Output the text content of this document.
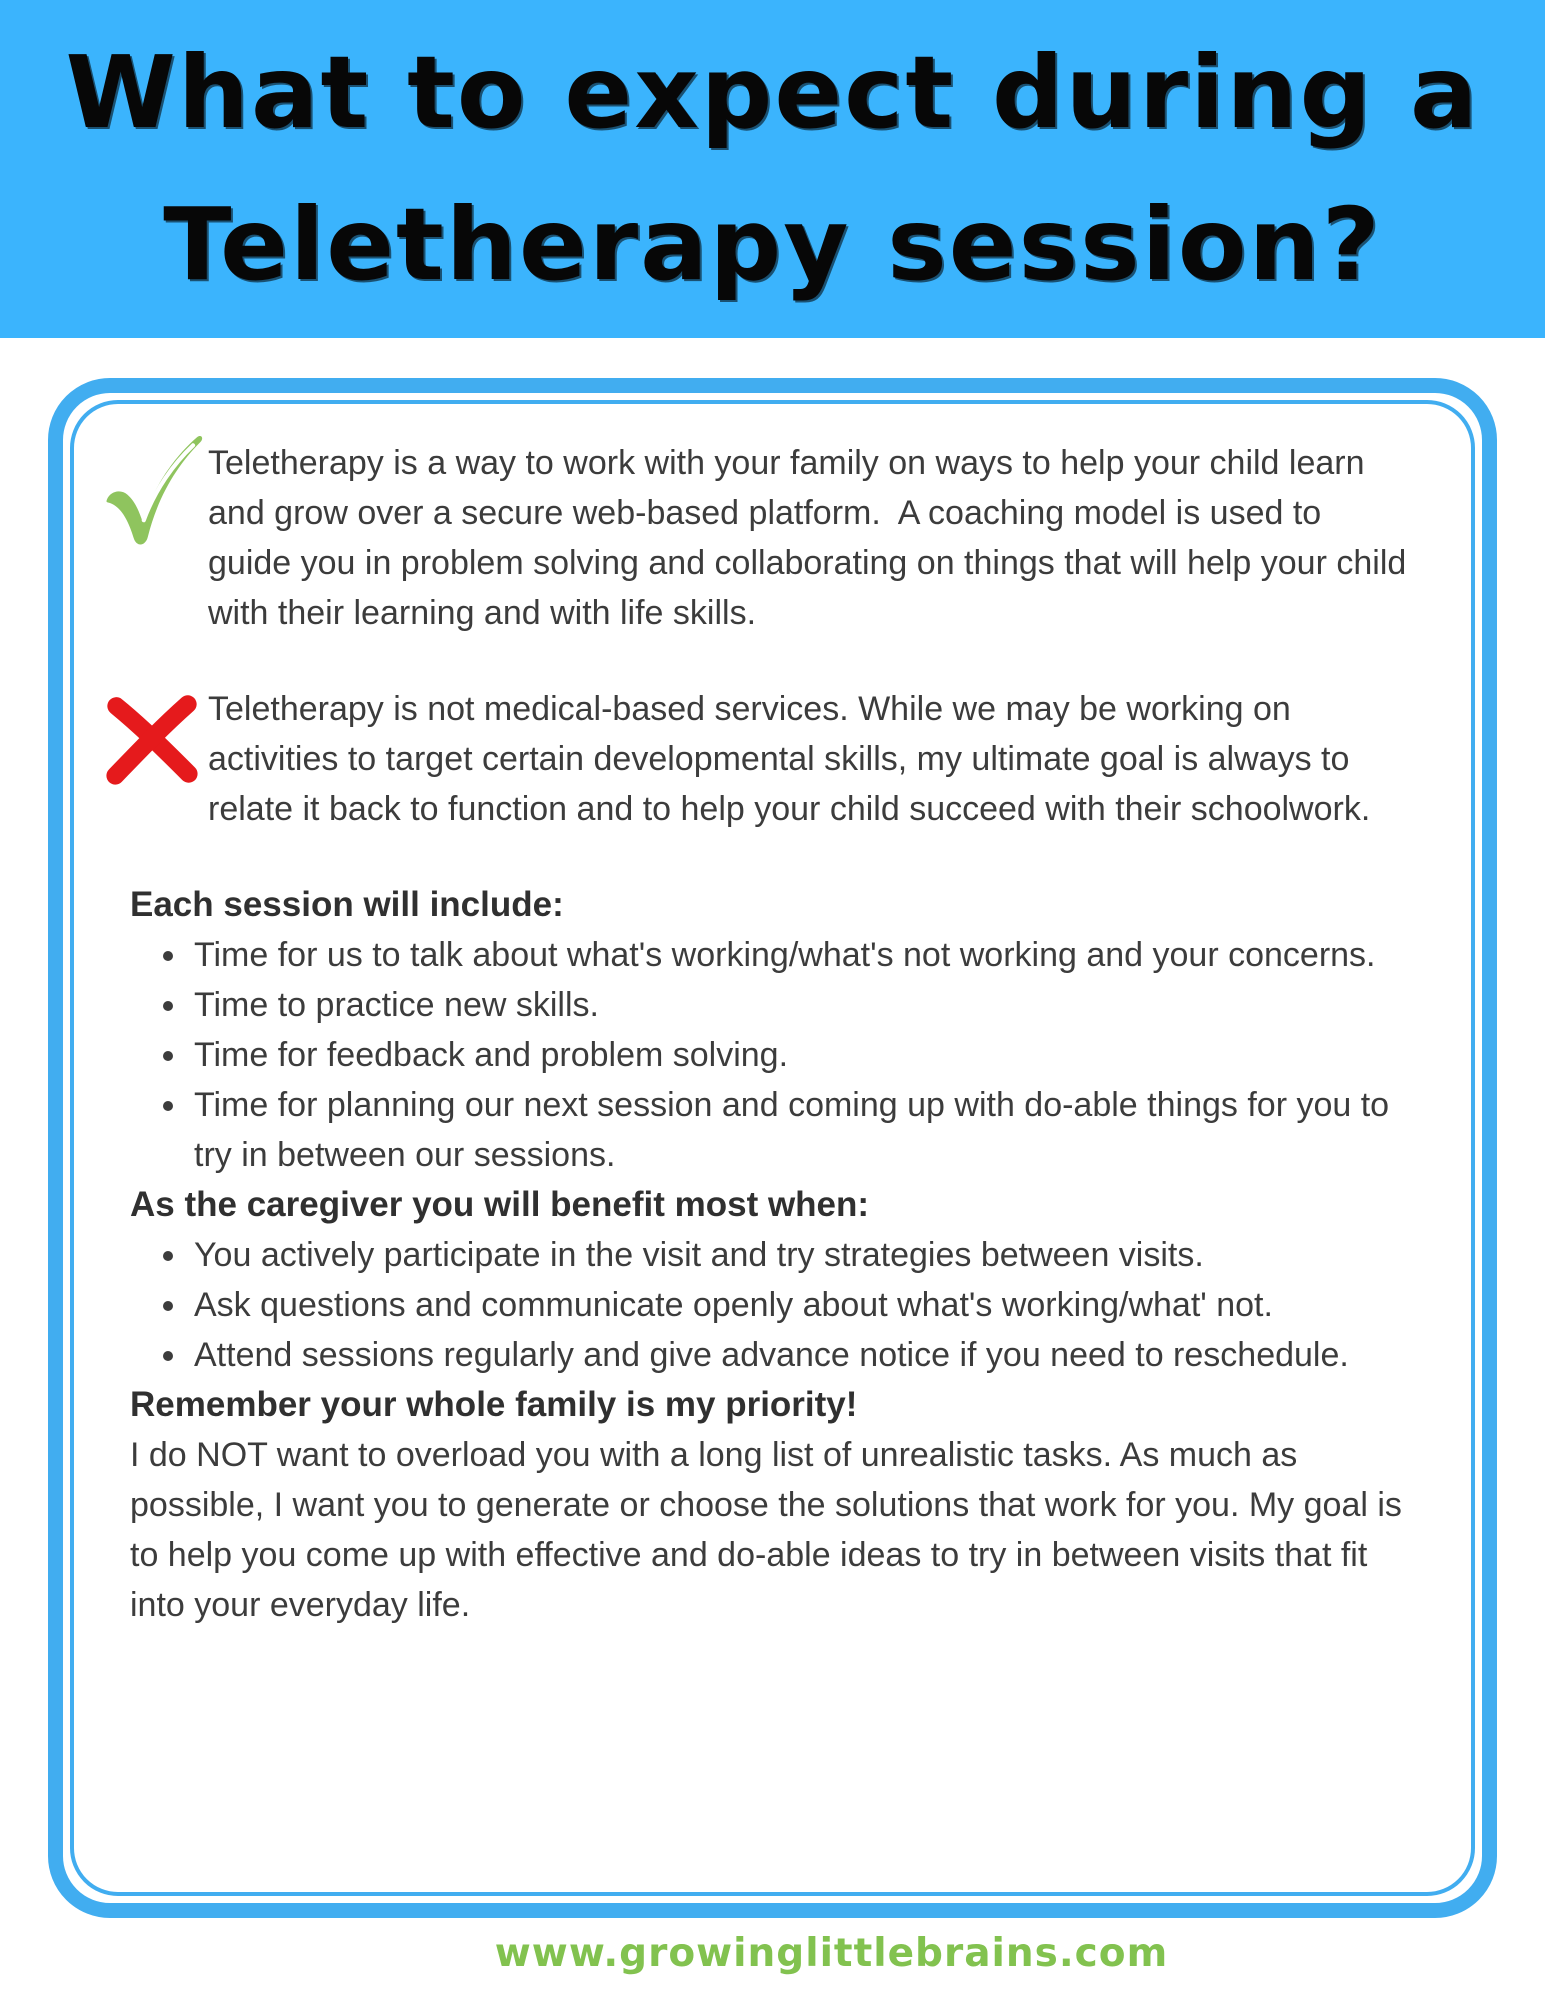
What to expect during a
Teletherapy session?

Teletherapy is a way to work with your family on ways to help your child learn and grow over a secure web-based platform.  A coaching model is used to guide you in problem solving and collaborating on things that will help your child with their learning and with life skills.

Teletherapy is not medical-based services. While we may be working on activities to target certain developmental skills, my ultimate goal is always to relate it back to function and to help your child succeed with their schoolwork.

Each session will include:
• Time for us to talk about what's working/what's not working and your concerns.
• Time to practice new skills.
• Time for feedback and problem solving.
• Time for planning our next session and coming up with do-able things for you to try in between our sessions.
As the caregiver you will benefit most when:
• You actively participate in the visit and try strategies between visits.
• Ask questions and communicate openly about what's working/what' not.
• Attend sessions regularly and give advance notice if you need to reschedule.
Remember your whole family is my priority!

I do NOT want to overload you with a long list of unrealistic tasks. As much as possible, I want you to generate or choose the solutions that work for you. My goal is to help you come up with effective and do-able ideas to try in between visits that fit into your everyday life.

www.growinglittlebrains.com
